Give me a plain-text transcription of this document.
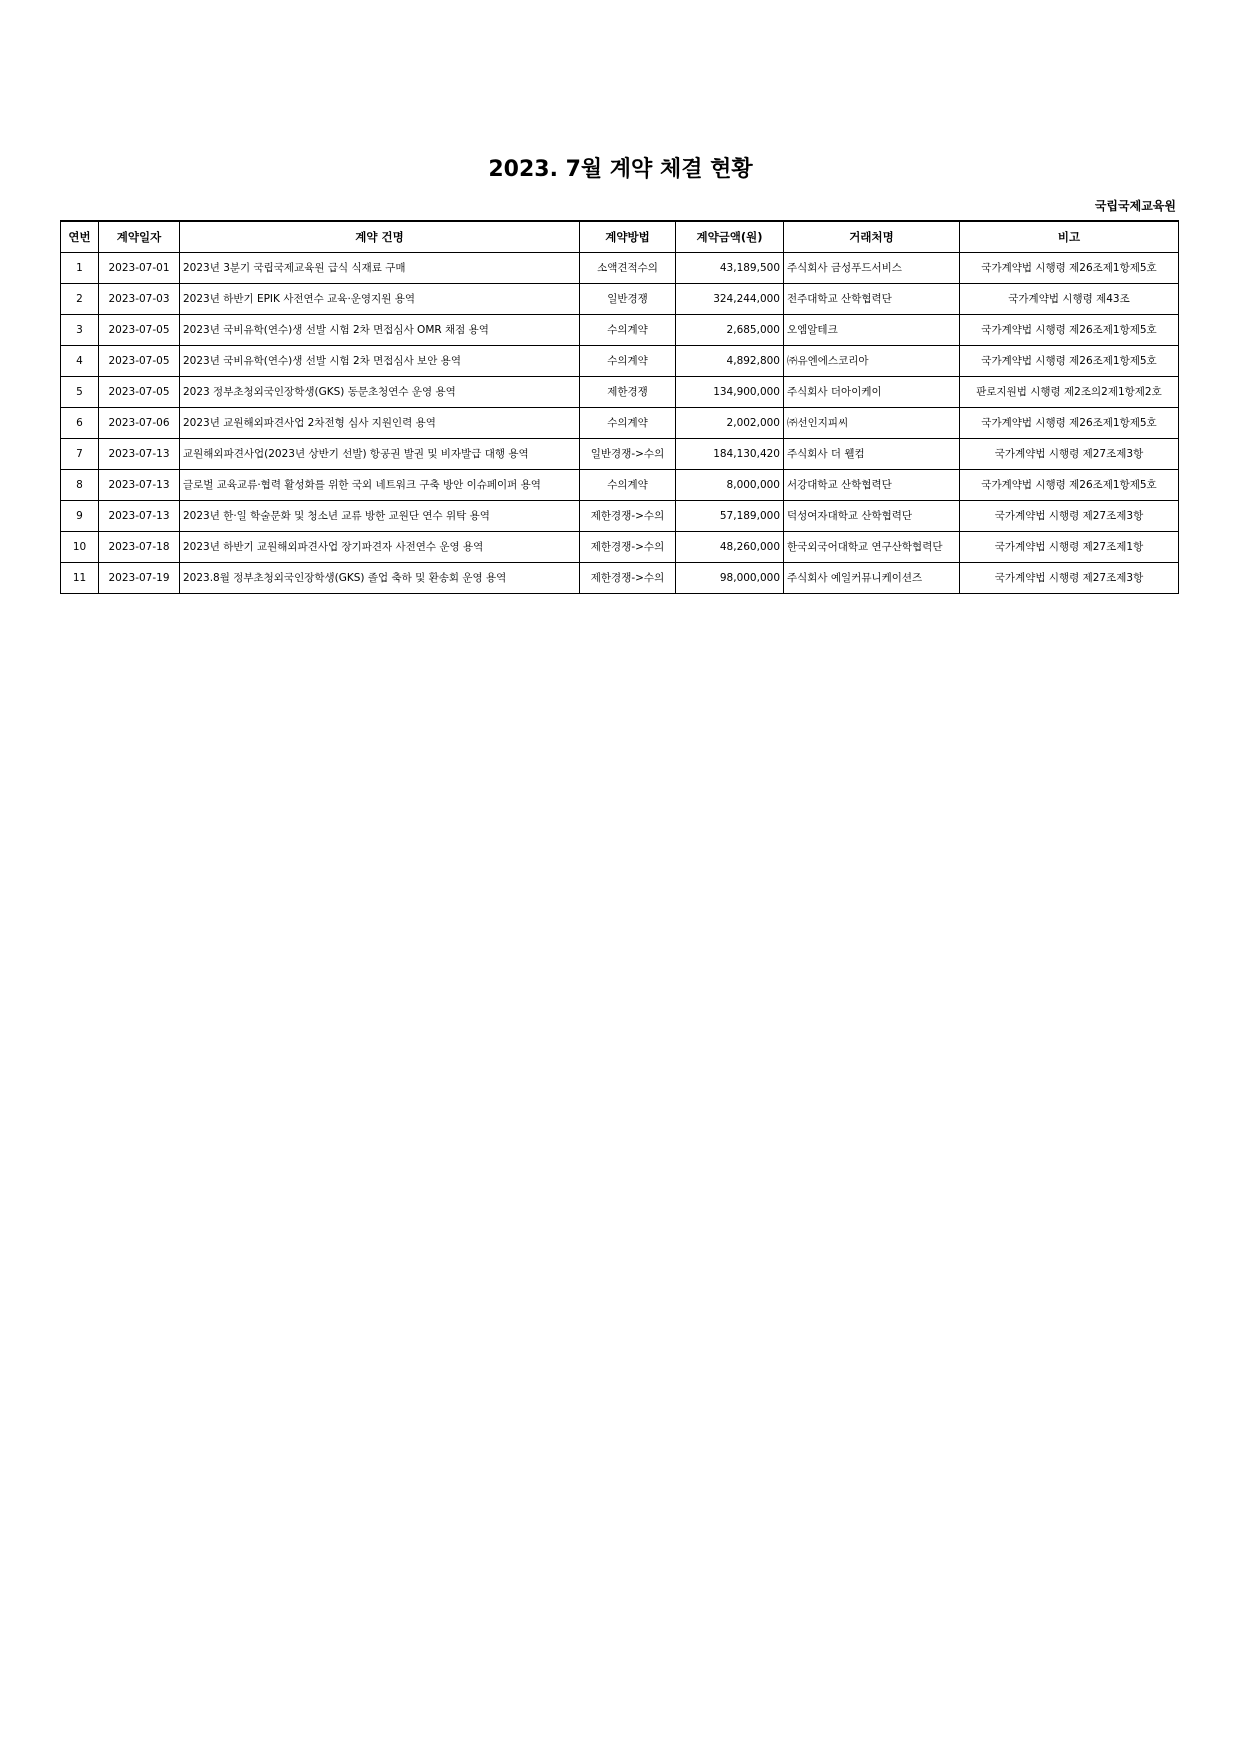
2023. 7월 계약 체결 현황
국립국제교육원
연번	계약일자	계약 건명	계약방법	계약금액(원)	거래처명	비고
1	2023-07-01	2023년 3분기 국립국제교육원 급식 식재료 구매	소액견적수의	43,189,500	주식회사 금성푸드서비스	국가계약법 시행령 제26조제1항제5호
2	2023-07-03	2023년 하반기 EPIK 사전연수 교육·운영지원 용역	일반경쟁	324,244,000	전주대학교 산학협력단	국가계약법 시행령 제43조
3	2023-07-05	2023년 국비유학(연수)생 선발 시험 2차 면접심사 OMR 채점 용역	수의계약	2,685,000	오엠알테크	국가계약법 시행령 제26조제1항제5호
4	2023-07-05	2023년 국비유학(연수)생 선발 시험 2차 면접심사 보안 용역	수의계약	4,892,800	㈜유엔에스코리아	국가계약법 시행령 제26조제1항제5호
5	2023-07-05	2023 정부초청외국인장학생(GKS) 동문초청연수 운영 용역	제한경쟁	134,900,000	주식회사 더아이케이	판로지원법 시행령 제2조의2제1항제2호
6	2023-07-06	2023년 교원해외파견사업 2차전형 심사 지원인력 용역	수의계약	2,002,000	㈜선인지피씨	국가계약법 시행령 제26조제1항제5호
7	2023-07-13	교원해외파견사업(2023년 상반기 선발) 항공권 발권 및 비자발급 대행 용역	일반경쟁->수의	184,130,420	주식회사 더 웰컴	국가계약법 시행령 제27조제3항
8	2023-07-13	글로벌 교육교류·협력 활성화를 위한 국외 네트워크 구축 방안 이슈페이퍼 용역	수의계약	8,000,000	서강대학교 산학협력단	국가계약법 시행령 제26조제1항제5호
9	2023-07-13	2023년 한·일 학술문화 및 청소년 교류 방한 교원단 연수 위탁 용역	제한경쟁->수의	57,189,000	덕성여자대학교 산학협력단	국가계약법 시행령 제27조제3항
10	2023-07-18	2023년 하반기 교원해외파견사업 장기파견자 사전연수 운영 용역	제한경쟁->수의	48,260,000	한국외국어대학교 연구산학협력단	국가계약법 시행령 제27조제1항
11	2023-07-19	2023.8월 정부초청외국인장학생(GKS) 졸업 축하 및 환송회 운영 용역	제한경쟁->수의	98,000,000	주식회사 예일커뮤니케이션즈	국가계약법 시행령 제27조제3항
